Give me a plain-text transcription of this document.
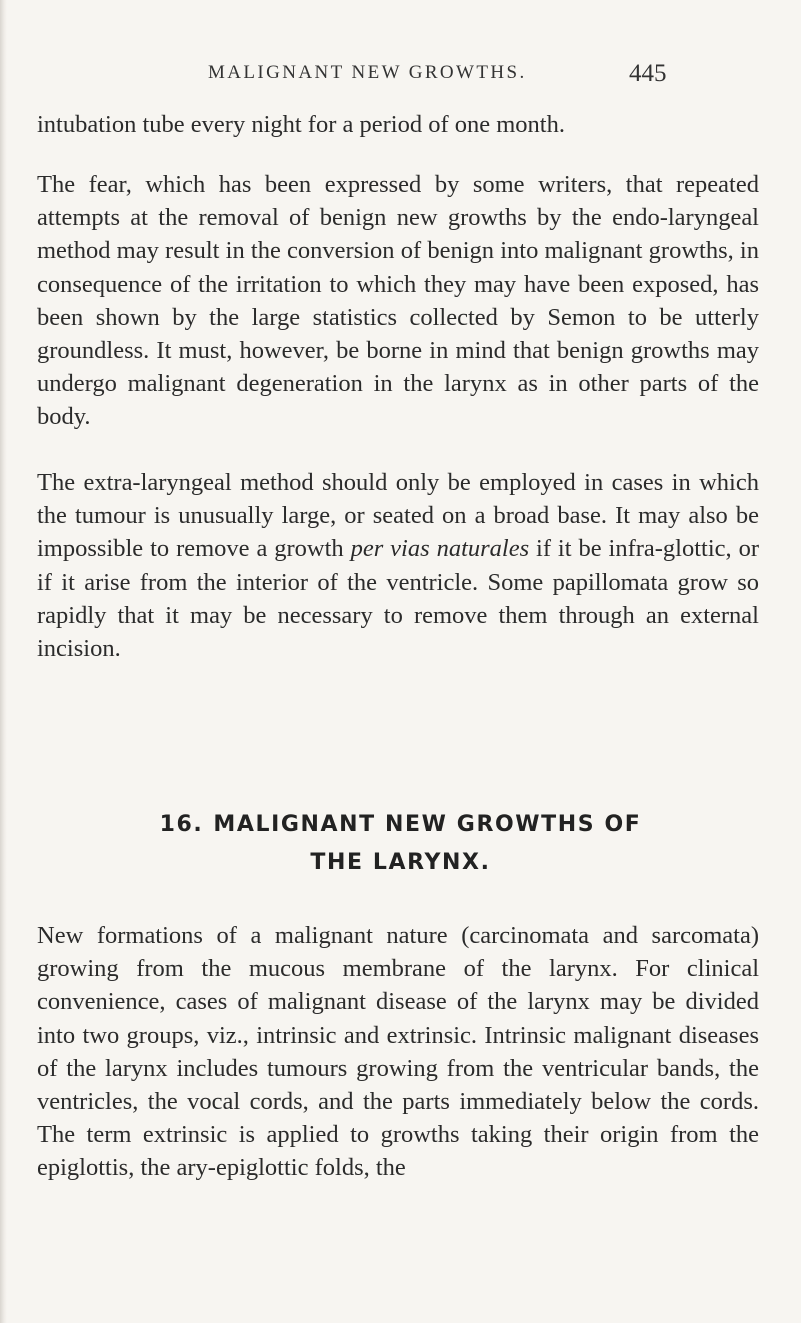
MALIGNANT NEW GROWTHS.	445

intubation tube every night for a period of one month.

The fear, which has been expressed by some writers, that repeated attempts at the removal of benign new growths by the endo-laryngeal method may result in the conversion of benign into malignant growths, in consequence of the irritation to which they may have been exposed, has been shown by the large statistics collected by Semon to be utterly groundless. It must, however, be borne in mind that benign growths may undergo malignant degeneration in the larynx as in other parts of the body.

The extra-laryngeal method should only be employed in cases in which the tumour is unusually large, or seated on a broad base. It may also be impossible to remove a growth per vias naturales if it be infra-glottic, or if it arise from the interior of the ventricle. Some papillomata grow so rapidly that it may be necessary to remove them through an external incision.

16. MALIGNANT NEW GROWTHS OF
THE LARYNX.

New formations of a malignant nature (carcinomata and sarcomata) growing from the mucous membrane of the larynx. For clinical convenience, cases of malignant disease of the larynx may be divided into two groups, viz., intrinsic and extrinsic. Intrinsic malignant diseases of the larynx includes tumours growing from the ventricular bands, the ventricles, the vocal cords, and the parts immediately below the cords. The term extrinsic is applied to growths taking their origin from the epiglottis, the ary-epiglottic folds, the
